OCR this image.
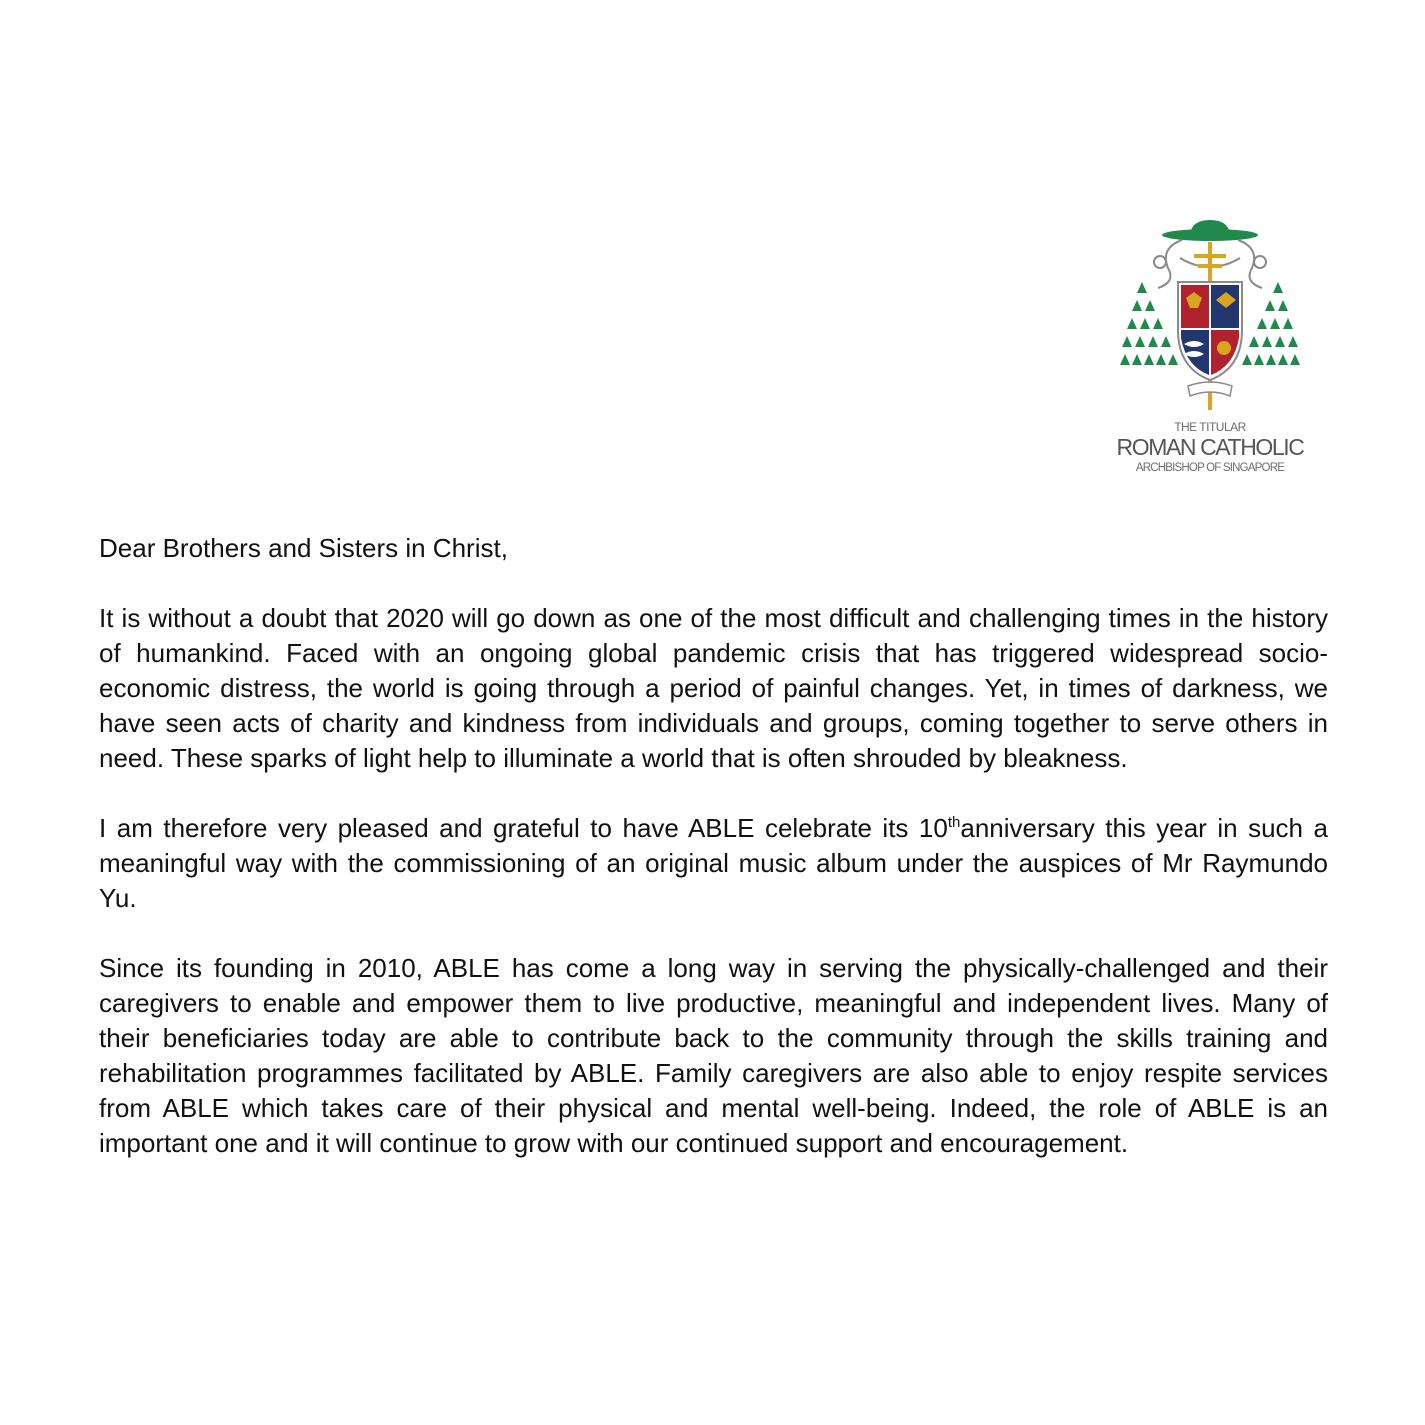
THE TITULAR

ROMAN CATHOLIC

ARCHBISHOP OF SINGAPORE

Dear Brothers and Sisters in Christ,

It is without a doubt that 2020 will go down as one of the most difficult and challenging times in the history of humankind. Faced with an ongoing global pandemic crisis that has triggered widespread socio-economic distress, the world is going through a period of painful changes. Yet, in times of darkness, we have seen acts of charity and kindness from individuals and groups, coming together to serve others in need. These sparks of light help to illuminate a world that is often shrouded by bleakness.

I am therefore very pleased and grateful to have ABLE celebrate its 10thanniversary this year in such a meaningful way with the commissioning of an original music album under the auspices of Mr Raymundo Yu.

Since its founding in 2010, ABLE has come a long way in serving the physically-challenged and their caregivers to enable and empower them to live productive, meaningful and independent lives. Many of their beneficiaries today are able to contribute back to the community through the skills training and rehabilitation programmes facilitated by ABLE. Family caregivers are also able to enjoy respite services from ABLE which takes care of their physical and mental well-being. Indeed, the role of ABLE is an important one and it will continue to grow with our continued support and encouragement.
